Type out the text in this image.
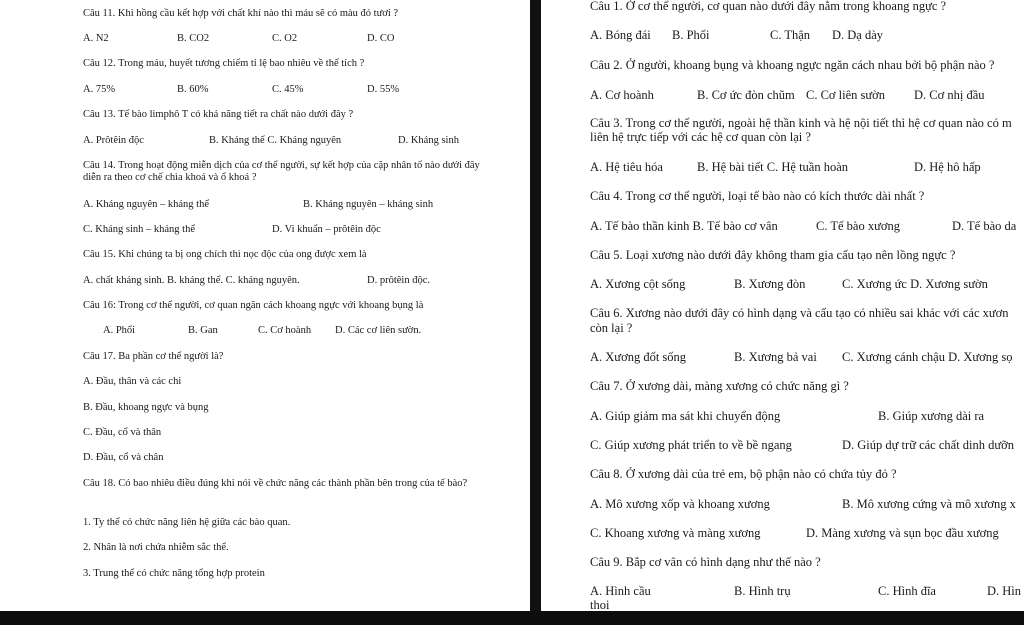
Câu 11. Khi hồng cầu kết hợp với chất khí nào thì máu sẽ có màu đỏ tươi ?
A. N2	B. CO2	C. O2	D. CO
Câu 12. Trong máu, huyết tương chiếm tỉ lệ bao nhiêu về thể tích ?
A. 75%	B. 60%	C. 45%	D. 55%
Câu 13. Tế bào limphô T có khả năng tiết ra chất nào dưới đây ?
A. Prôtêin độc	B. Kháng thể C. Kháng nguyên	D. Kháng sinh
Câu 14. Trong hoạt động miễn dịch của cơ thể người, sự kết hợp của cặp nhân tố nào dưới đây diễn ra theo cơ chế chìa khoá và ổ khoá ?
A. Kháng nguyên – kháng thể	B. Kháng nguyên – kháng sinh
C. Kháng sinh – kháng thể	D. Vi khuẩn – prôtêin độc
Câu 15. Khi chúng ta bị ong chích thì nọc độc của ong được xem là
A. chất kháng sinh. B. kháng thể. C. kháng nguyên.	D. prôtêin độc.
Câu 16: Trong cơ thể người, cơ quan ngăn cách khoang ngực với khoang bụng là
A. Phổi	B. Gan	C. Cơ hoành D. Các cơ liên sườn.
Câu 17. Ba phần cơ thể người là?
A. Đầu, thân và các chi
B. Đầu, khoang ngực và bụng
C. Đầu, cổ và thân
D. Đầu, cổ và chân
Câu 18. Có bao nhiêu điều đúng khi nói về chức năng các thành phần bên trong của tế bào?
1. Ty thể có chức năng liên hệ giữa các bào quan.
2. Nhân là nơi chứa nhiễm sắc thể.
3. Trung thể có chức năng tổng hợp protein
Câu 1. Ở cơ thể người, cơ quan nào dưới đây nằm trong khoang ngực ?
A. Bóng đái B. Phổi	C. Thận D. Dạ dày
Câu 2. Ở người, khoang bụng và khoang ngực ngăn cách nhau bởi bộ phận nào ?
A. Cơ hoành	B. Cơ ức đòn chũm C. Cơ liên sườn D. Cơ nhị đầu
Câu 3. Trong cơ thể người, ngoài hệ thần kinh và hệ nội tiết thì hệ cơ quan nào có m
liên hệ trực tiếp với các hệ cơ quan còn lại ?
A. Hệ tiêu hóa	B. Hệ bài tiết C. Hệ tuần hoàn	D. Hệ hô hấp
Câu 4. Trong cơ thể người, loại tế bào nào có kích thước dài nhất ?
A. Tế bào thần kinh B. Tế bào cơ vân	C. Tế bào xương	D. Tế bào da
Câu 5. Loại xương nào dưới đây không tham gia cấu tạo nên lồng ngực ?
A. Xương cột sống	B. Xương đòn	C. Xương ức D. Xương sườn
Câu 6. Xương nào dưới đây có hình dạng và cấu tạo có nhiều sai khác với các xươn
còn lại ?
A. Xương đốt sống	B. Xương bả vai C. Xương cánh chậu D. Xương sọ
Câu 7. Ở xương dài, màng xương có chức năng gì ?
A. Giúp giảm ma sát khi chuyển động	B. Giúp xương dài ra
C. Giúp xương phát triển to về bề ngang	D. Giúp dự trữ các chất dinh dưỡn
Câu 8. Ở xương dài của trẻ em, bộ phận nào có chứa tủy đỏ ?
A. Mô xương xốp và khoang xương	B. Mô xương cứng và mô xương x
C. Khoang xương và màng xương	D. Màng xương và sụn bọc đầu xương
Câu 9. Bắp cơ vân có hình dạng như thế nào ?
A. Hình cầu	B. Hình trụ	C. Hình đĩa	D. Hìn
thoi
